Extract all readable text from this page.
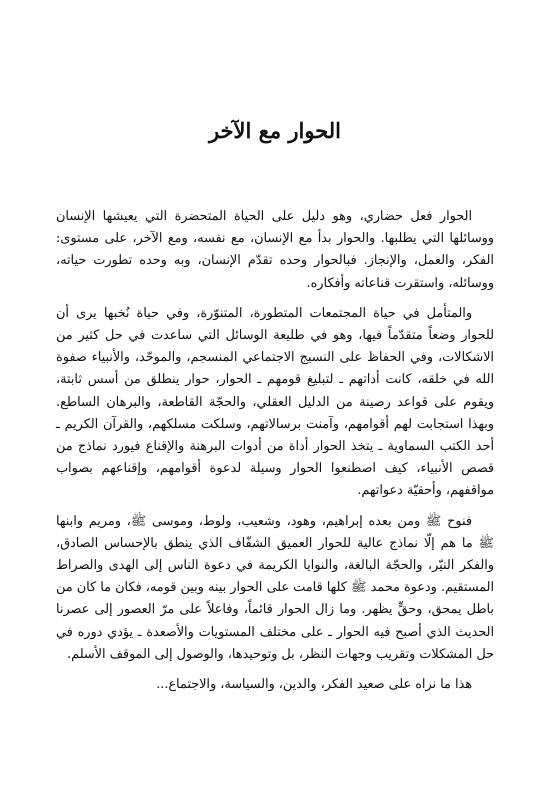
الحوار مع الآخر

الحوار فعل حضاري، وهو دليل على الحياة المتحضرة التي يعيشها الإنسان ووسائلها التي يطلبها. والحوار بدأ مع الإنسان، مع نفسه، ومع الآخر، على مستوى: الفكر، والعمل، والإنجاز. فبالحوار وحده تقدّم الإنسان، وبه وحده تطورت حياته، ووسائله، واستقرت قناعاته وأفكاره.

والمتأمل في حياة المجتمعات المتطورة، المتنوّرة، وفي حياة نُخبها يرى أن للحوار وضعاً متقدّماً فيها، وهو في طليعة الوسائل التي ساعدت في حل كثير من الاشكالات، وفي الحفاظ على النسيج الاجتماعي المنسجم، والموحّد، والأنبياء صفوة الله في خلقه، كانت أداتهم ـ لتبليغ قومهم ـ الحوار، حوار ينطلق من أسس ثابتة، ويقوم على قواعد رصينة من الدليل العقلي، والحجّة القاطعة، والبرهان الساطع. وبهذا استجابت لهم أقوامهم، وآمنت برسالاتهم، وسلكت مسلكهم، والقرآن الكريم ـ أحد الكتب السماوية ـ يتخذ الحوار أداة من أدوات البرهنة والإقناع فيورد نماذج من قصص الأنبياء، كيف اصطنعوا الحوار وسيلة لدعوة أقوامهم، وإقناعهم بصواب مواقفهم، وأحقيّة دعواتهم.

فنوح ﷺ ومن بعده إبراهيم، وهود، وشعيب، ولوط، وموسى ﷺ، ومريم وابنها ﷺ ما هم إلّا نماذج عالية للحوار العميق الشفّاف الذي ينطق بالإحساس الصادق، والفكر النيّر، والحجّة البالغة، والنوايا الكريمة في دعوة الناس إلى الهدى والصراط المستقيم. ودعوة محمد ﷺ كلها قامت على الحوار بينه وبين قومه، فكان ما كان من باطل يمحق، وحقٍّ يظهر. وما زال الحوار قائماً، وفاعلاً على مرّ العصور إلى عصرنا الحديث الذي أصبح فيه الحوار ـ على مختلف المستويات والأصعدة ـ يؤدي دوره في حل المشكلات وتقريب وجهات النظر، بل وتوحيدها، والوصول إلى الموقف الأسلم.

هذا ما نراه على صعيد الفكر، والدين، والسياسة، والاجتماع...
